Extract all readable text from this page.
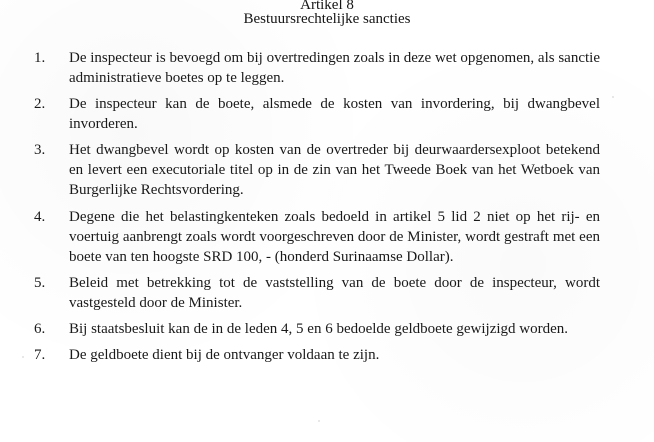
Artikel 8
Bestuursrechtelijke sancties
1.	De inspecteur is bevoegd om bij overtredingen zoals in deze wet opgenomen, als sanctie administratieve boetes op te leggen.
2.	De inspecteur kan de boete, alsmede de kosten van invordering, bij dwangbevel invorderen.
3.	Het dwangbevel wordt op kosten van de overtreder bij deurwaardersexploot betekend en levert een executoriale titel op in de zin van het Tweede Boek van het Wetboek van Burgerlijke Rechtsvordering.
4.	Degene die het belastingkenteken zoals bedoeld in artikel 5 lid 2 niet op het rij- en voertuig aanbrengt zoals wordt voorgeschreven door de Minister, wordt gestraft met een boete van ten hoogste SRD 100, - (honderd Surinaamse Dollar).
5.	Beleid met betrekking tot de vaststelling van de boete door de inspecteur, wordt vastgesteld door de Minister.
6.	Bij staatsbesluit kan de in de leden 4, 5 en 6 bedoelde geldboete gewijzigd worden.
7.	De geldboete dient bij de ontvanger voldaan te zijn.
